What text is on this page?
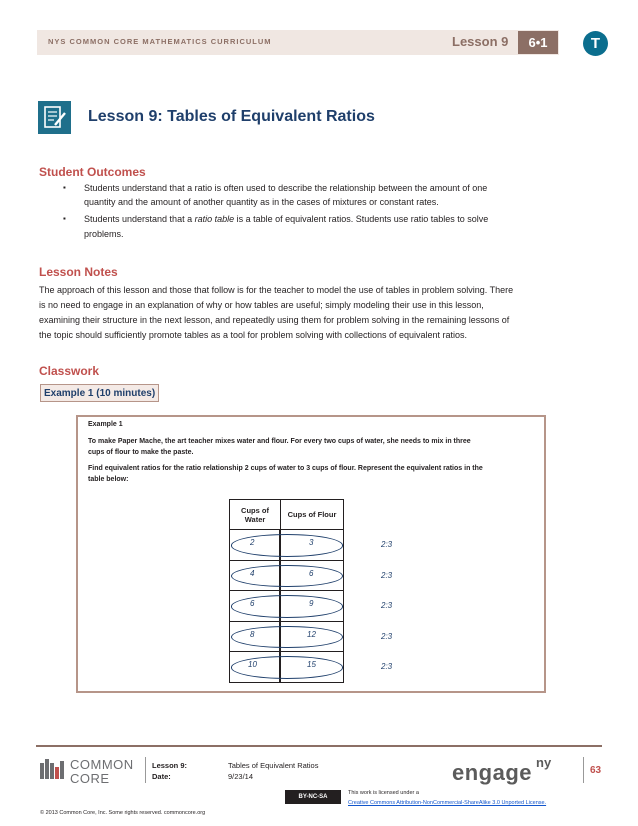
NYS COMMON CORE MATHEMATICS CURRICULUM	Lesson 9	6•1	T
Lesson 9: Tables of Equivalent Ratios
Student Outcomes
▪ Students understand that a ratio is often used to describe the relationship between the amount of one
quantity and the amount of another quantity as in the cases of mixtures or constant rates.
▪ Students understand that a ratio table is a table of equivalent ratios. Students use ratio tables to solve
problems.
Lesson Notes
The approach of this lesson and those that follow is for the teacher to model the use of tables in problem solving. There
is no need to engage in an explanation of why or how tables are useful; simply modeling their use in this lesson,
examining their structure in the next lesson, and repeatedly using them for problem solving in the remaining lessons of
the topic should sufficiently promote tables as a tool for problem solving with collections of equivalent ratios.
Classwork
Example 1 (10 minutes)
Example 1
To make Paper Mache, the art teacher mixes water and flour. For every two cups of water, she needs to mix in three
cups of flour to make the paste.
Find equivalent ratios for the ratio relationship 2 cups of water to 3 cups of flour. Represent the equivalent ratios in the
table below:
Cups of
Water	Cups of Flour
COMMON
CORE
Lesson 9:	Tables of Equivalent Ratios
Date:	9/23/14	engage ny
63
© 2013 Common Core, Inc. Some rights reserved. commoncore.org
BY-NC-SA
This work is licensed under a
Creative Commons Attribution-NonCommercial-ShareAlike 3.0 Unported License.
2	3	2:3
4	6	2:3
6	9	2:3
8	12	2:3
10	15	2:3
